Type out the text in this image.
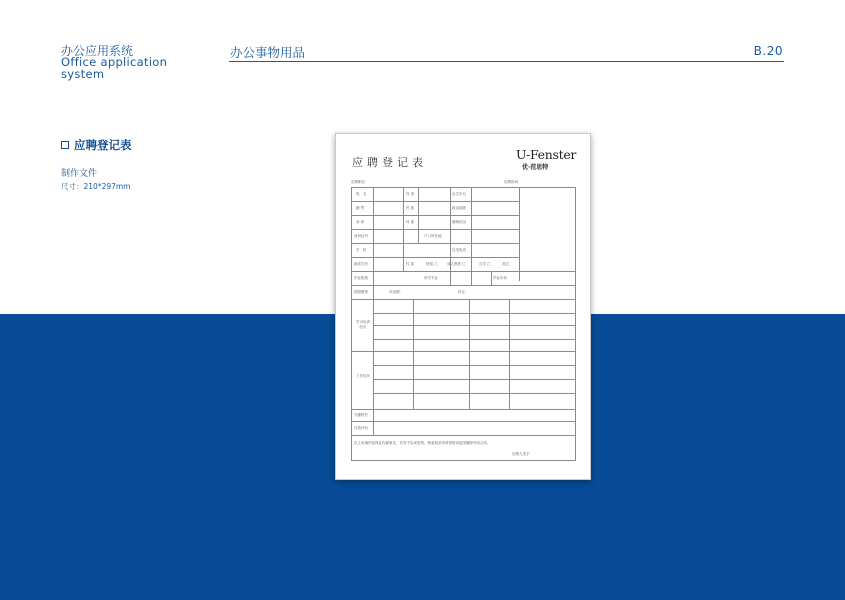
办公应用系统
Office application system
办公事物用品	B.20
应聘登记表
制作文件
尺寸：210*297mm
应聘登记表
U-Fenster
优·范思特
应聘职位：	应聘时间：
姓　名	性 别	出生年月
籍 贯	民 族	政治面貌
身 高	体 重	婚姻状况
身份证号	户口所在地
手　机	住宅电话
最高学历	性 质	统招 □	成人教育 □	自学 □	其它：
毕业院校	所学专业	毕业年份
期望薪资	试用期：	转正：
学习培训经历
工作经历
兴趣特长
自我评价
以上所填内容保证均属事实，若有不实或虚构，愿意取消申请资格或接受解除劳动合同。
应聘人签字：
